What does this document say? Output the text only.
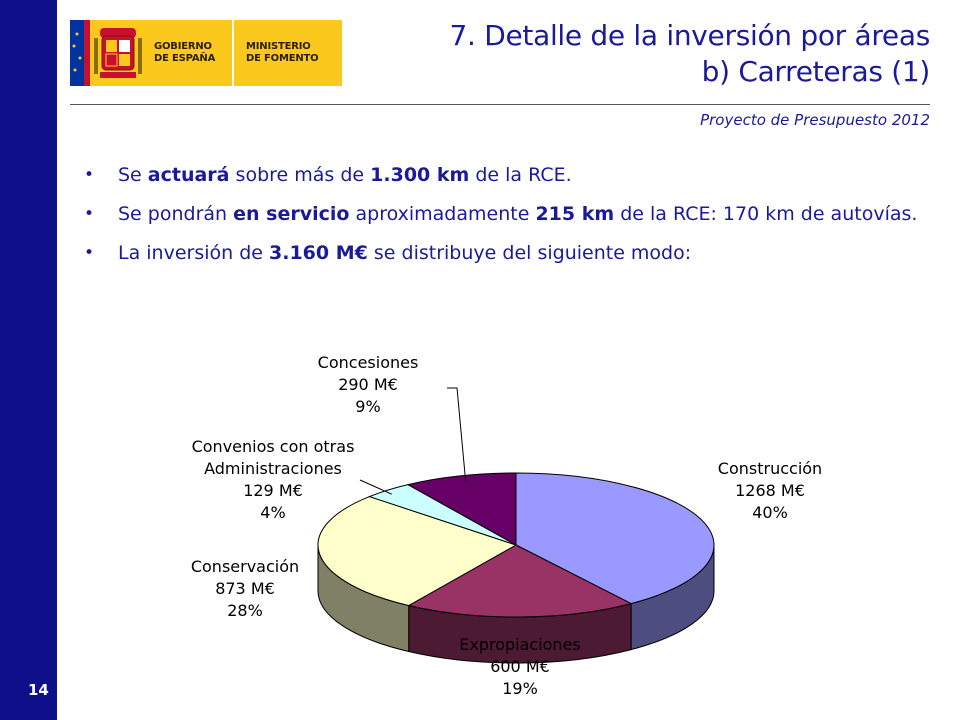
14
GOBIERNO
DE ESPAÑA
MINISTERIO
DE FOMENTO
7. Detalle de la inversión por áreas
b) Carreteras (1)
Proyecto de Presupuesto 2012
• Se actuará sobre más de 1.300 km de la RCE.
• Se pondrán en servicio aproximadamente 215 km de la RCE: 170 km de autovías.
• La inversión de 3.160 M€ se distribuye del siguiente modo:
Concesiones
290 M€
9%
Convenios con otras
Administraciones
129 M€
4%
Construcción
1268 M€
40%
Conservación
873 M€
28%
Expropiaciones
600 M€
19%
